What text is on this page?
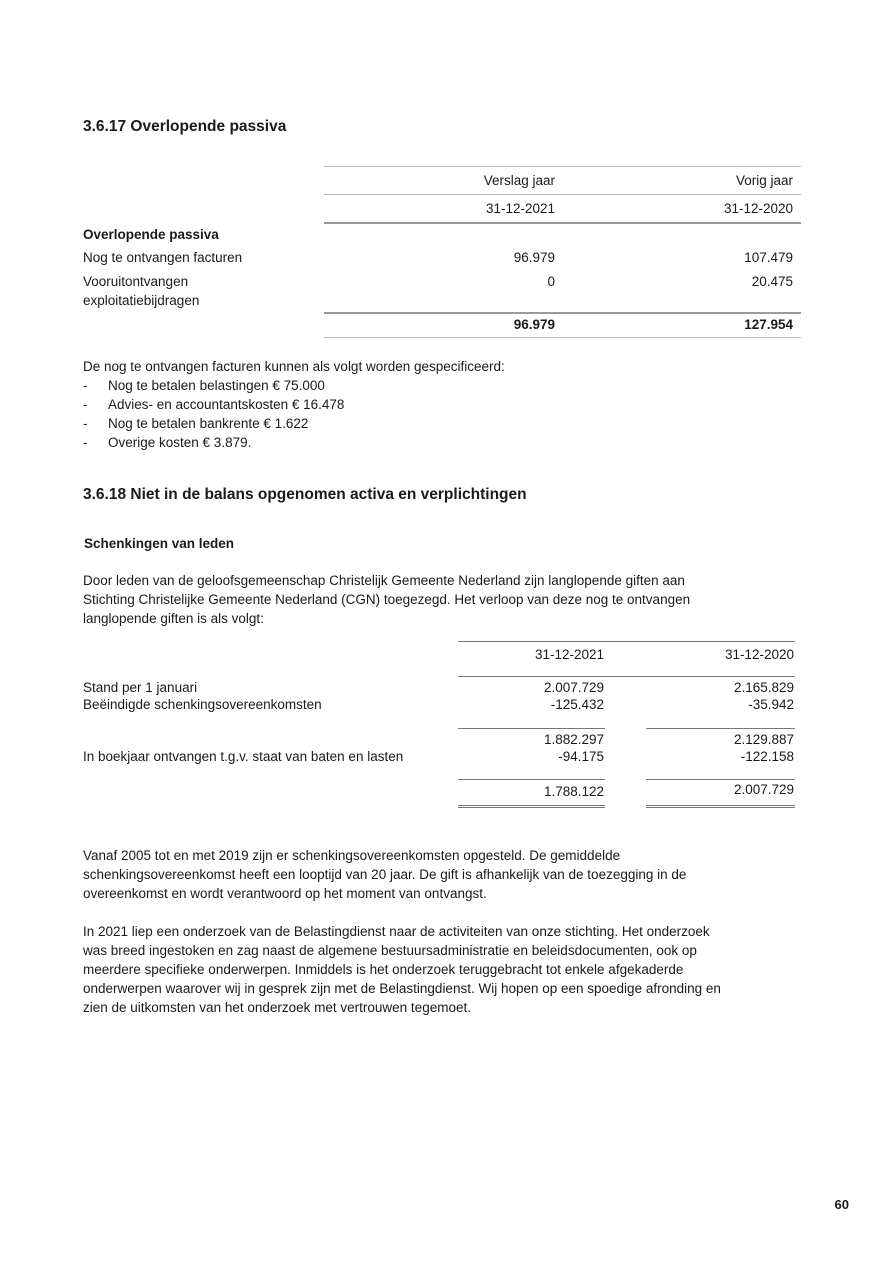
3.6.17 Overlopende passiva
Verslag jaar	Vorig jaar
31-12-2021	31-12-2020
Overlopende passiva
Nog te ontvangen facturen	96.979	107.479
Vooruitontvangen
exploitatiebijdragen
0	20.475
96.979	127.954
De nog te ontvangen facturen kunnen als volgt worden gespecificeerd:
- Nog te betalen belastingen € 75.000
- Advies- en accountantskosten € 16.478
- Nog te betalen bankrente € 1.622
- Overige kosten € 3.879.
3.6.18 Niet in de balans opgenomen activa en verplichtingen
Schenkingen van leden

Door leden van de geloofsgemeenschap Christelijk Gemeente Nederland zijn langlopende giften aan

Stichting Christelijke Gemeente Nederland (CGN) toegezegd. Het verloop van deze nog te ontvangen

langlopende giften is als volgt:

31-12-2021	31-12-2020
Stand per 1 januari	2.007.729	2.165.829
Beëindigde schenkingsovereenkomsten	-125.432	-35.942
1.882.297	2.129.887
In boekjaar ontvangen t.g.v. staat van baten en lasten	-94.175	-122.158
1.788.122	2.007.729

Vanaf 2005 tot en met 2019 zijn er schenkingsovereenkomsten opgesteld. De gemiddelde

schenkingsovereenkomst heeft een looptijd van 20 jaar. De gift is afhankelijk van de toezegging in de

overeenkomst en wordt verantwoord op het moment van ontvangst.

In 2021 liep een onderzoek van de Belastingdienst naar de activiteiten van onze stichting. Het onderzoek

was breed ingestoken en zag naast de algemene bestuursadministratie en beleidsdocumenten, ook op

meerdere specifieke onderwerpen. Inmiddels is het onderzoek teruggebracht tot enkele afgekaderde

onderwerpen waarover wij in gesprek zijn met de Belastingdienst. Wij hopen op een spoedige afronding en

zien de uitkomsten van het onderzoek met vertrouwen tegemoet.

60
